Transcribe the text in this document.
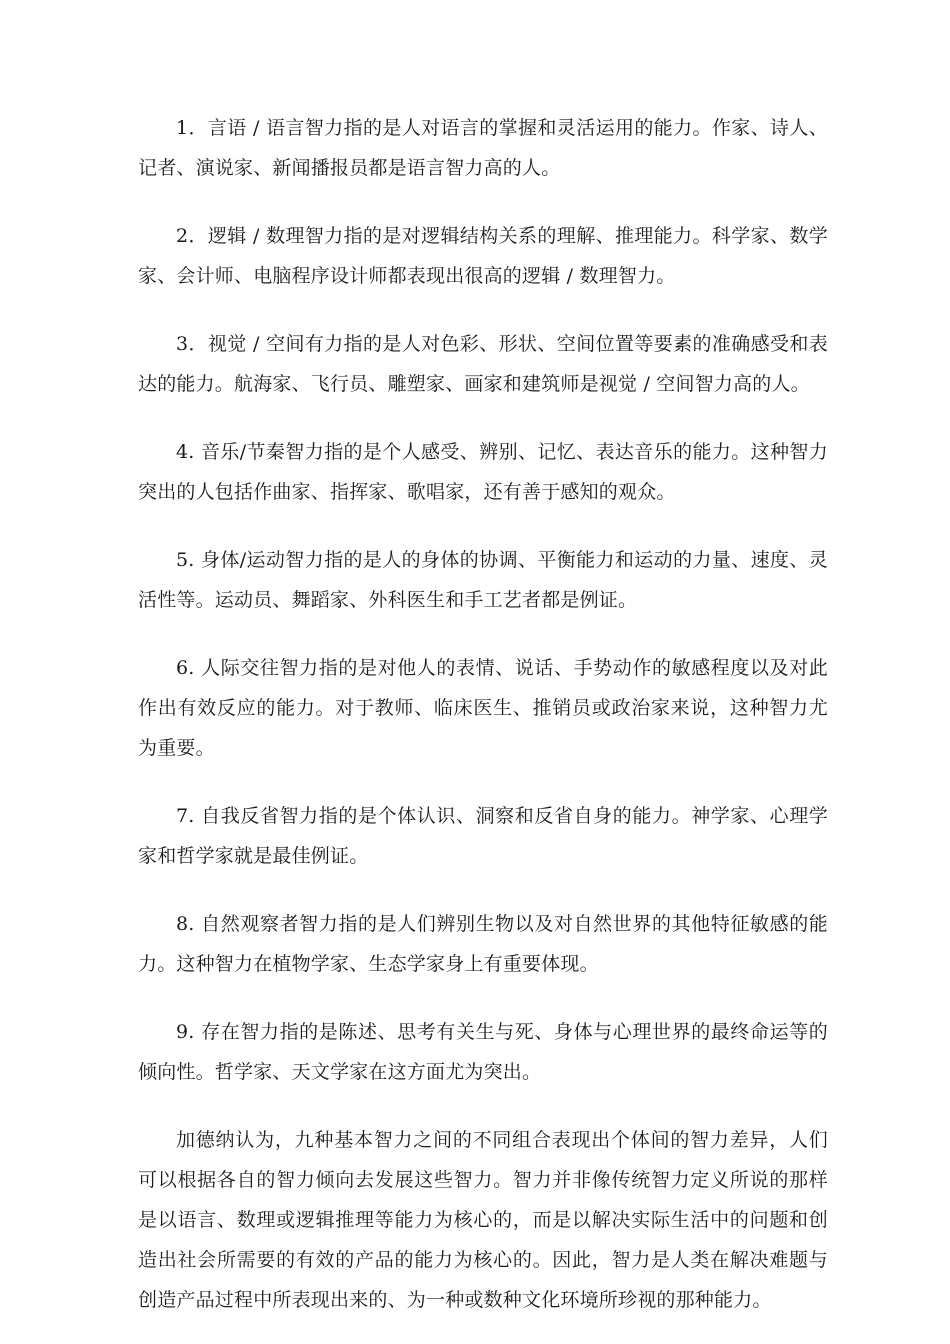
1．言语 / 语言智力指的是人对语言的掌握和灵活运用的能力。作家、诗人、记者、演说家、新闻播报员都是语言智力高的人。

2．逻辑 / 数理智力指的是对逻辑结构关系的理解、推理能力。科学家、数学家、会计师、电脑程序设计师都表现出很高的逻辑 / 数理智力。

3．视觉 / 空间有力指的是人对色彩、形状、空间位置等要素的准确感受和表达的能力。航海家、飞行员、雕塑家、画家和建筑师是视觉 / 空间智力高的人。

4. 音乐/节秦智力指的是个人感受、辨别、记忆、表达音乐的能力。这种智力突出的人包括作曲家、指挥家、歌唱家，还有善于感知的观众。

5. 身体/运动智力指的是人的身体的协调、平衡能力和运动的力量、速度、灵活性等。运动员、舞蹈家、外科医生和手工艺者都是例证。

6. 人际交往智力指的是对他人的表情、说话、手势动作的敏感程度以及对此作出有效反应的能力。对于教师、临床医生、推销员或政治家来说，这种智力尤为重要。

7. 自我反省智力指的是个体认识、洞察和反省自身的能力。神学家、心理学家和哲学家就是最佳例证。

8. 自然观察者智力指的是人们辨别生物以及对自然世界的其他特征敏感的能力。这种智力在植物学家、生态学家身上有重要体现。

9. 存在智力指的是陈述、思考有关生与死、身体与心理世界的最终命运等的倾向性。哲学家、天文学家在这方面尤为突出。

加德纳认为，九种基本智力之间的不同组合表现出个体间的智力差异，人们可以根据各自的智力倾向去发展这些智力。智力并非像传统智力定义所说的那样是以语言、数理或逻辑推理等能力为核心的，而是以解决实际生活中的问题和创造出社会所需要的有效的产品的能力为核心的。因此，智力是人类在解决难题与创造产品过程中所表现出来的、为一种或数种文化环境所珍视的那种能力。
